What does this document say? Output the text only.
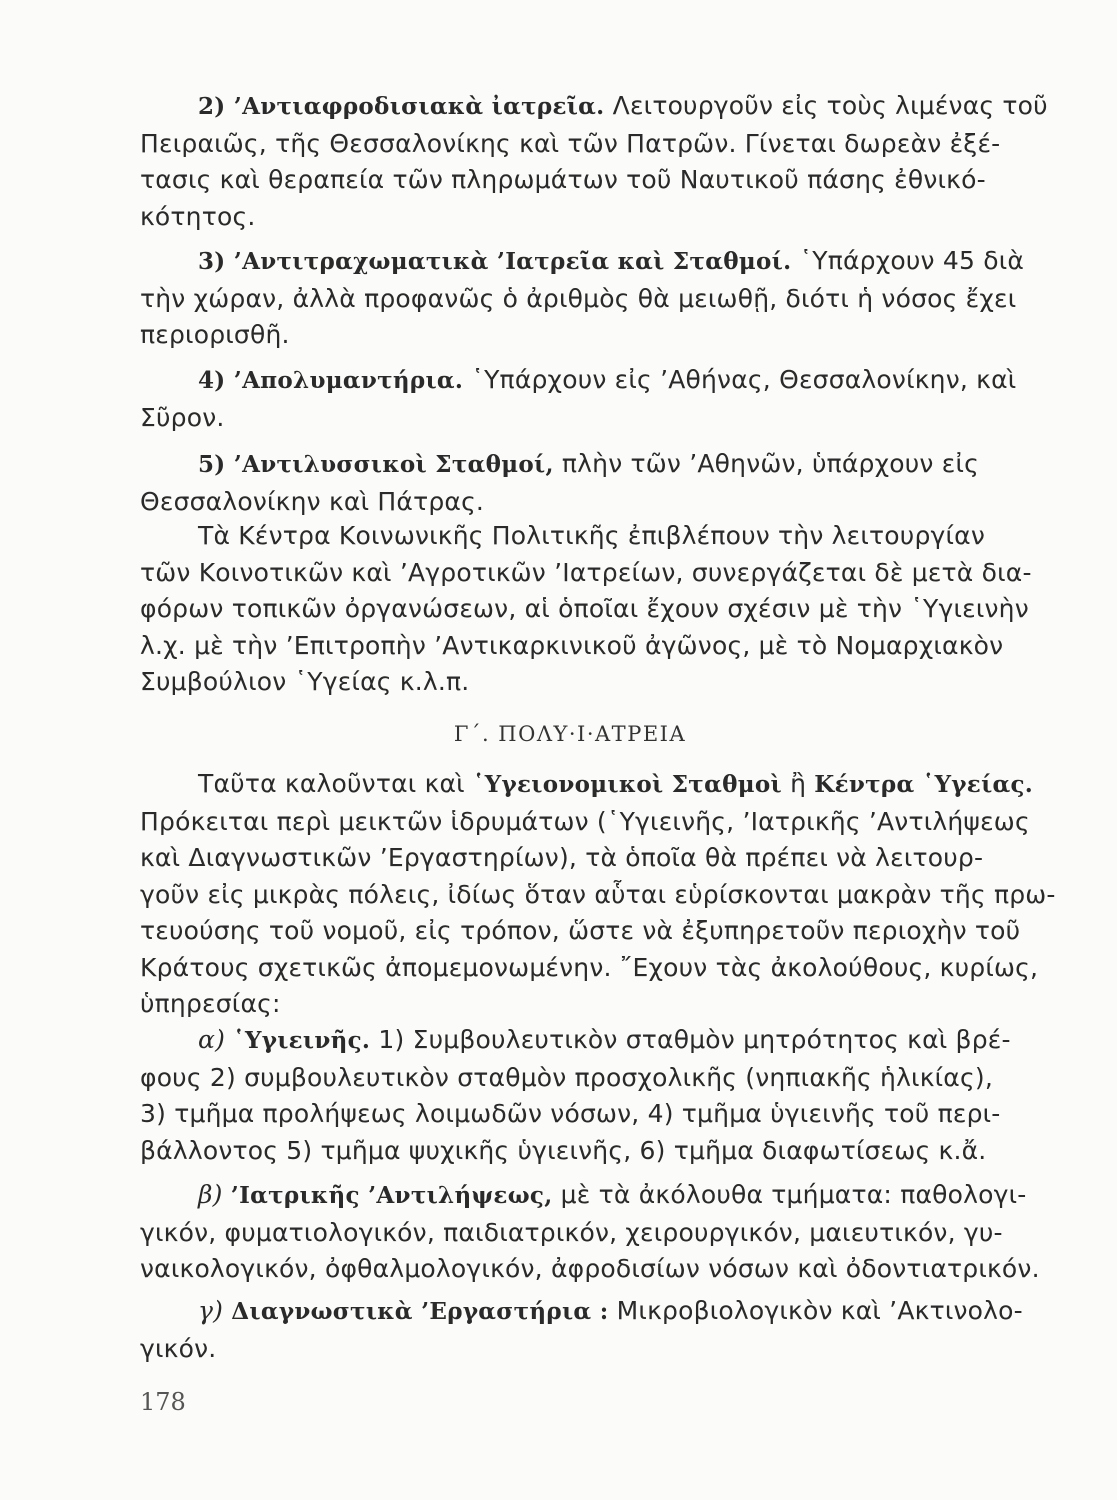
2) ’Αντιαφροδισιακὰ ἰατρεῖα. Λειτουργοῦν εἰς τοὺς λιμένας τοῦ
Πειραιῶς, τῆς Θεσσαλονίκης καὶ τῶν Πατρῶν. Γίνεται δωρεὰν ἐξέ-
τασις καὶ θεραπεία τῶν πληρωμάτων τοῦ Ναυτικοῦ πάσης ἐθνικό-
κότητος.
3) ’Αντιτραχωματικὰ ’Ιατρεῖα καὶ Σταθμοί. ῾Υπάρχουν 45 διὰ
τὴν χώραν, ἀλλὰ προφανῶς ὁ ἀριθμὸς θὰ μειωθῇ, διότι ἡ νόσος ἔχει
περιορισθῆ.
4) ’Απολυμαντήρια. ῾Υπάρχουν εἰς ’Αθήνας, Θεσσαλονίκην, καὶ
Σῦρον.
5) ’Αντιλυσσικοὶ Σταθμοί, πλὴν τῶν ’Αθηνῶν, ὑπάρχουν εἰς
Θεσσαλονίκην καὶ Πάτρας.
Τὰ Κέντρα Κοινωνικῆς Πολιτικῆς ἐπιβλέπουν τὴν λειτουργίαν
τῶν Κοινοτικῶν καὶ ’Αγροτικῶν ’Ιατρείων, συνεργάζεται δὲ μετὰ δια-
φόρων τοπικῶν ὀργανώσεων, αἱ ὁποῖαι ἔχουν σχέσιν μὲ τὴν ῾Υγιεινὴν
λ.χ. μὲ τὴν ’Επιτροπὴν ’Αντικαρκινικοῦ ἀγῶνος, μὲ τὸ Νομαρχιακὸν
Συμβούλιον ῾Υγείας κ.λ.π.
Γ΄. ΠΟΛΥ·Ι·ΑΤΡΕΙΑ
Ταῦτα καλοῦνται καὶ ῾Υγειονομικοὶ Σταθμοὶ ἢ Κέντρα ῾Υγείας.
Πρόκειται περὶ μεικτῶν ἱδρυμάτων (῾Υγιεινῆς, ’Ιατρικῆς ’Αντιλήψεως
καὶ Διαγνωστικῶν ’Εργαστηρίων), τὰ ὁποῖα θὰ πρέπει νὰ λειτουρ-
γοῦν εἰς μικρὰς πόλεις, ἰδίως ὅταν αὗται εὑρίσκονται μακρὰν τῆς πρω-
τευούσης τοῦ νομοῦ, εἰς τρόπον, ὥστε νὰ ἐξυπηρετοῦν περιοχὴν τοῦ
Κράτους σχετικῶς ἀπομεμονωμένην. ῎Εχουν τὰς ἀκολούθους, κυρίως,
ὑπηρεσίας:
α) ῾Υγιεινῆς. 1) Συμβουλευτικὸν σταθμὸν μητρότητος καὶ βρέ-
φους 2) συμβουλευτικὸν σταθμὸν προσχολικῆς (νηπιακῆς ἡλικίας),
3) τμῆμα προλήψεως λοιμωδῶν νόσων, 4) τμῆμα ὑγιεινῆς τοῦ περι-
βάλλοντος 5) τμῆμα ψυχικῆς ὑγιεινῆς, 6) τμῆμα διαφωτίσεως κ.ἄ.
β) ’Ιατρικῆς ’Αντιλήψεως, μὲ τὰ ἀκόλουθα τμήματα: παθολογι-
γικόν, φυματιολογικόν, παιδιατρικόν, χειρουργικόν, μαιευτικόν, γυ-
ναικολογικόν, ὀφθαλμολογικόν, ἀφροδισίων νόσων καὶ ὀδοντιατρικόν.
γ) Διαγνωστικὰ ’Εργαστήρια : Μικροβιολογικὸν καὶ ’Ακτινολο-
γικόν.
178
